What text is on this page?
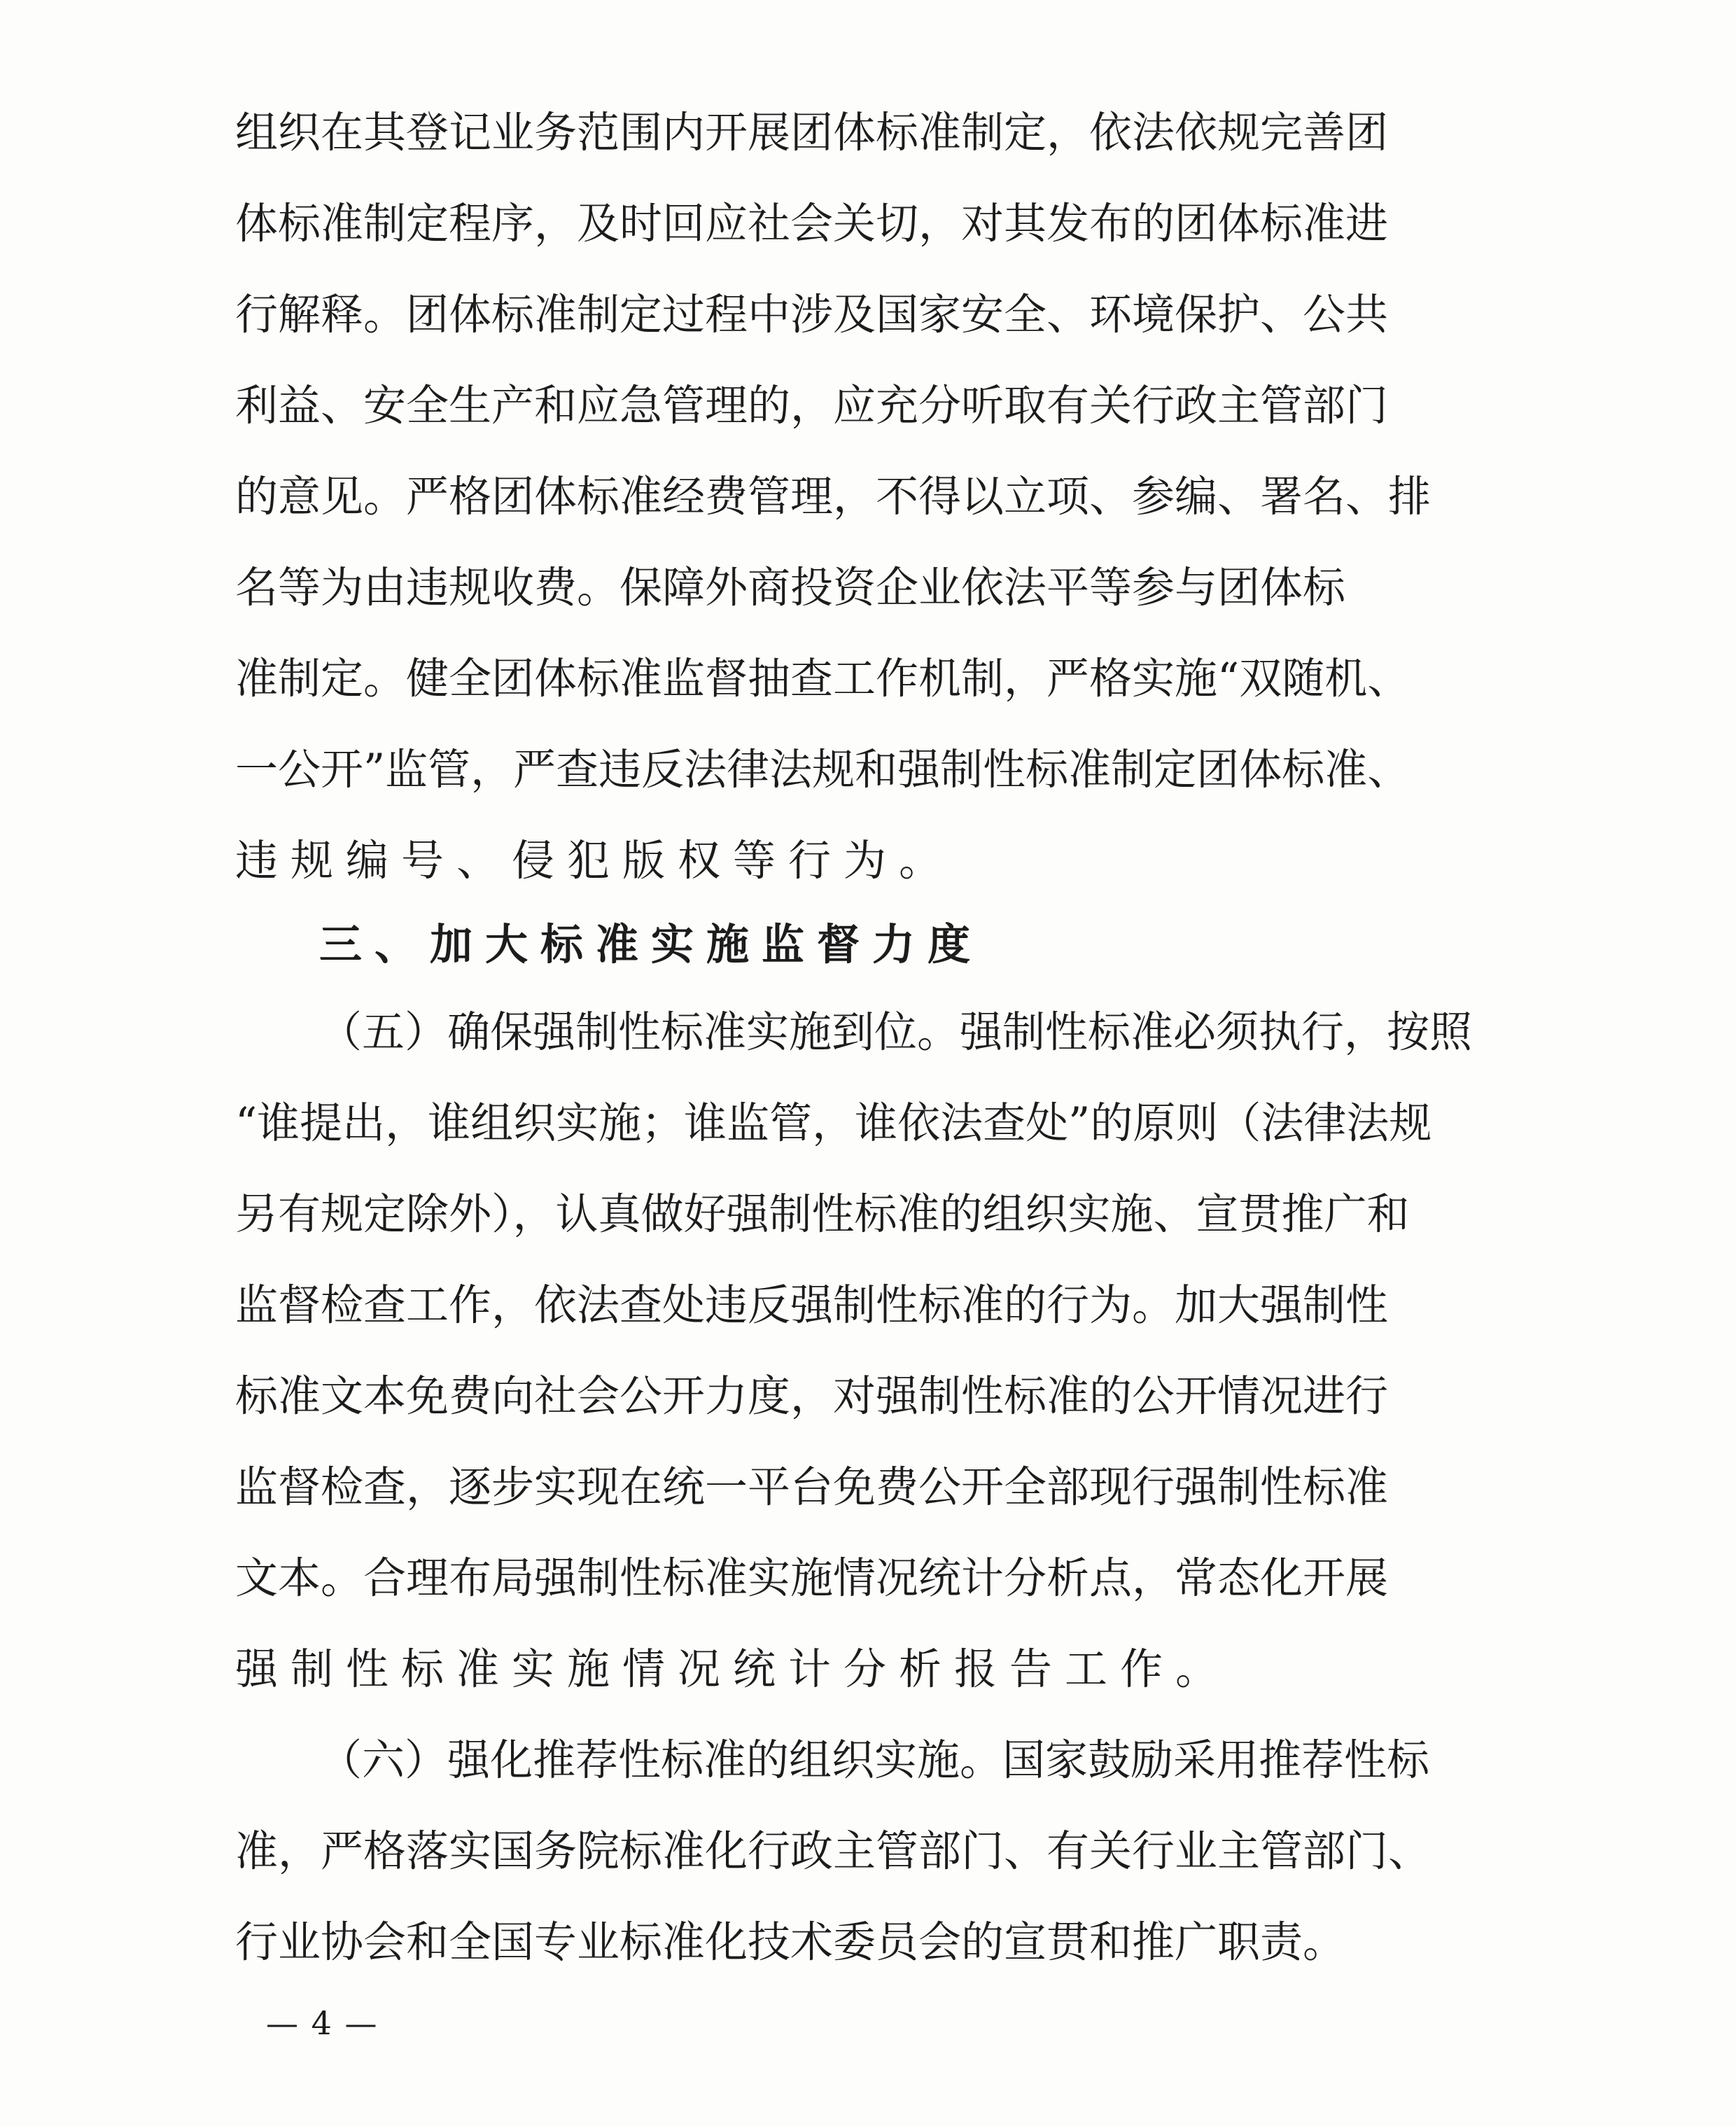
组织在其登记业务范围内开展团体标准制定，依法依规完善团
体标准制定程序，及时回应社会关切，对其发布的团体标准进
行解释。团体标准制定过程中涉及国家安全、环境保护、公共
利益、安全生产和应急管理的，应充分听取有关行政主管部门
的意见。严格团体标准经费管理，不得以立项、参编、署名、排
名等为由违规收费。保障外商投资企业依法平等参与团体标
准制定。健全团体标准监督抽查工作机制，严格实施“双随机、
一公开”监管，严查违反法律法规和强制性标准制定团体标准、
违规编号、侵犯版权等行为。
三、加大标准实施监督力度
（五）确保强制性标准实施到位。强制性标准必须执行，按照
“谁提出，谁组织实施；谁监管，谁依法查处”的原则（法律法规
另有规定除外），认真做好强制性标准的组织实施、宣贯推广和
监督检查工作，依法查处违反强制性标准的行为。加大强制性
标准文本免费向社会公开力度，对强制性标准的公开情况进行
监督检查，逐步实现在统一平台免费公开全部现行强制性标准
文本。合理布局强制性标准实施情况统计分析点，常态化开展
强制性标准实施情况统计分析报告工作。
（六）强化推荐性标准的组织实施。国家鼓励采用推荐性标
准，严格落实国务院标准化行政主管部门、有关行业主管部门、
行业协会和全国专业标准化技术委员会的宣贯和推广职责。
— 4 —
